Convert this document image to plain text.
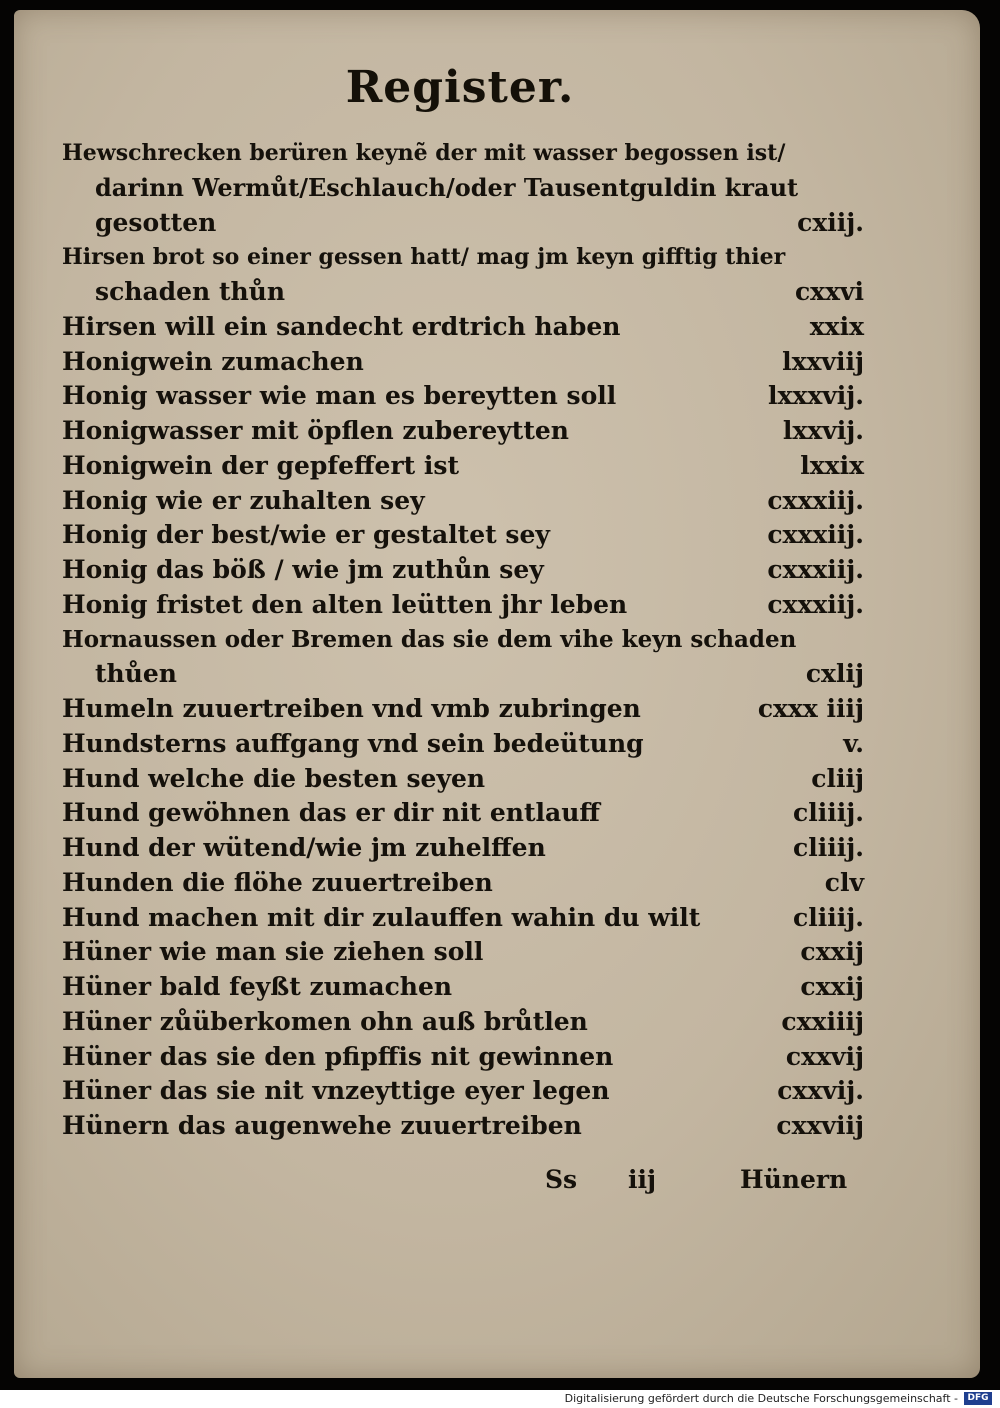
Register.
Hewschrecken berüren keynẽ der mit wasser begossen ist/
darinn Wermůt/Eschlauch/oder Tausentguldin kraut
gesotten	cxiij.
Hirsen brot so einer gessen hatt/ mag jm keyn gifftig thier
schaden thůn	cxxvi
Hirsen will ein sandecht erdtrich haben	xxix
Honigwein zumachen	lxxviij
Honig wasser wie man es bereytten soll	lxxxvij.
Honigwasser mit öpflen zubereytten	lxxvij.
Honigwein der gepfeffert ist	lxxix
Honig wie er zuhalten sey	cxxxiij.
Honig der best/wie er gestaltet sey	cxxxiij.
Honig das böß / wie jm zuthůn sey	cxxxiij.
Honig fristet den alten leütten jhr leben	cxxxiij.
Hornaussen oder Bremen das sie dem vihe keyn schaden
thůen	cxlij
Humeln zuuertreiben vnd vmb zubringen	cxxx iiij
Hundsterns auffgang vnd sein bedeütung	v.
Hund welche die besten seyen	cliij
Hund gewöhnen das er dir nit entlauff	cliiij.
Hund der wütend/wie jm zuhelffen	cliiij.
Hunden die flöhe zuuertreiben	clv
Hund machen mit dir zulauffen wahin du wilt	cliiij.
Hüner wie man sie ziehen soll	cxxij
Hüner bald feyßt zumachen	cxxij
Hüner zůüberkomen ohn auß brůtlen	cxxiiij
Hüner das sie den pfipffis nit gewinnen	cxxvij
Hüner das sie nit vnzeyttige eyer legen	cxxvij.
Hünern das augenwehe zuuertreiben	cxxviij
Ss iij	Hünern
Digitalisierung gefördert durch die Deutsche Forschungsgemeinschaft -	DFG
